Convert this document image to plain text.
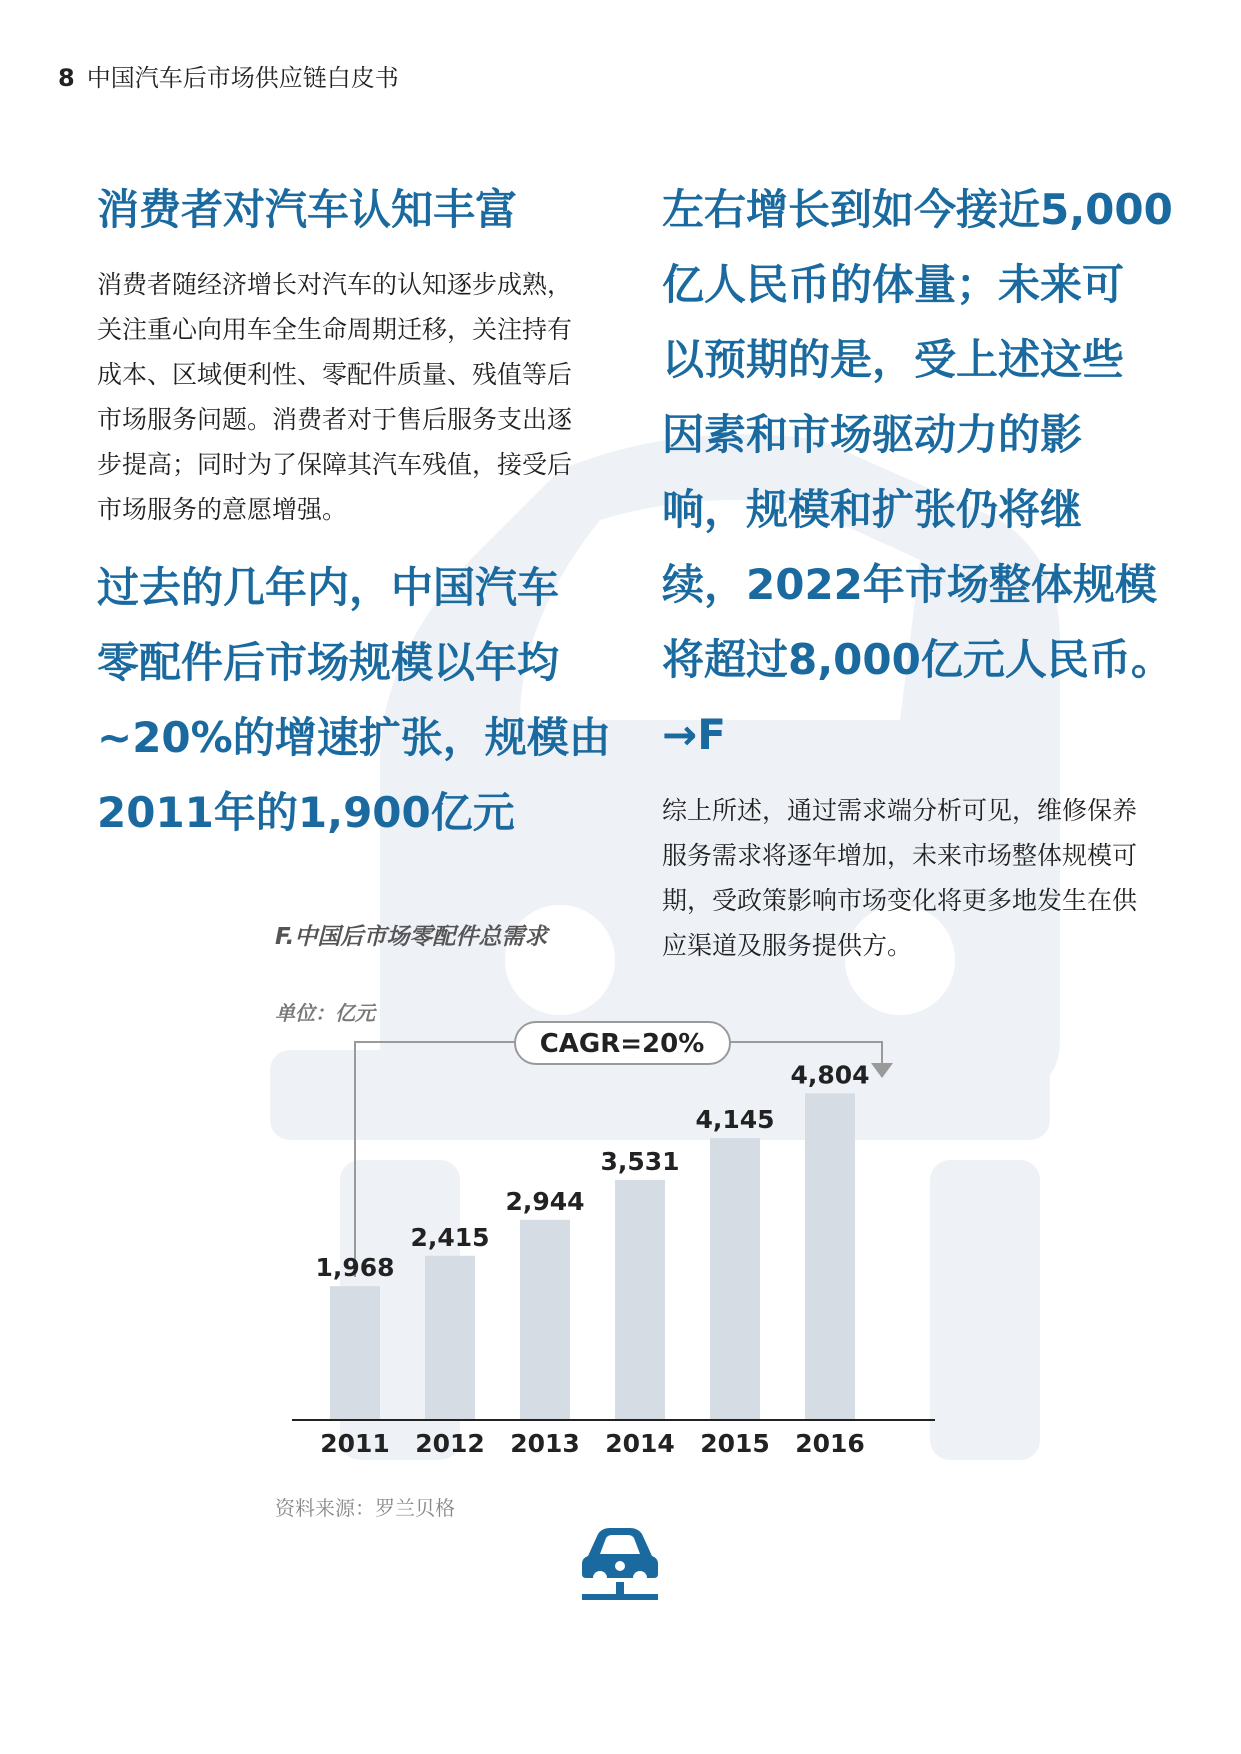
8 中国汽车后市场供应链白皮书
消费者对汽车认知丰富
消费者随经济增长对汽车的认知逐步成熟，
关注重心向用车全生命周期迁移，关注持有
成本、区域便利性、零配件质量、残值等后
市场服务问题。消费者对于售后服务支出逐
步提高；同时为了保障其汽车残值，接受后
市场服务的意愿增强。
过去的几年内，中国汽车
零配件后市场规模以年均
~20%的增速扩张，规模由
2011年的1,900亿元
左右增长到如今接近5,000
亿人民币的体量；未来可
以预期的是，受上述这些
因素和市场驱动力的影
响，规模和扩张仍将继
续，2022年市场整体规模
将超过8,000亿元人民币。
→F
综上所述，通过需求端分析可见，维修保养
服务需求将逐年增加，未来市场整体规模可
期，受政策影响市场变化将更多地发生在供
应渠道及服务提供方。
F.中国后市场零配件总需求
单位：亿元
CAGR=20%
1,968
2011
2,415
2012
2,944
2013
3,531
2014
4,145
2015
4,804
2016
资料来源：罗兰贝格
